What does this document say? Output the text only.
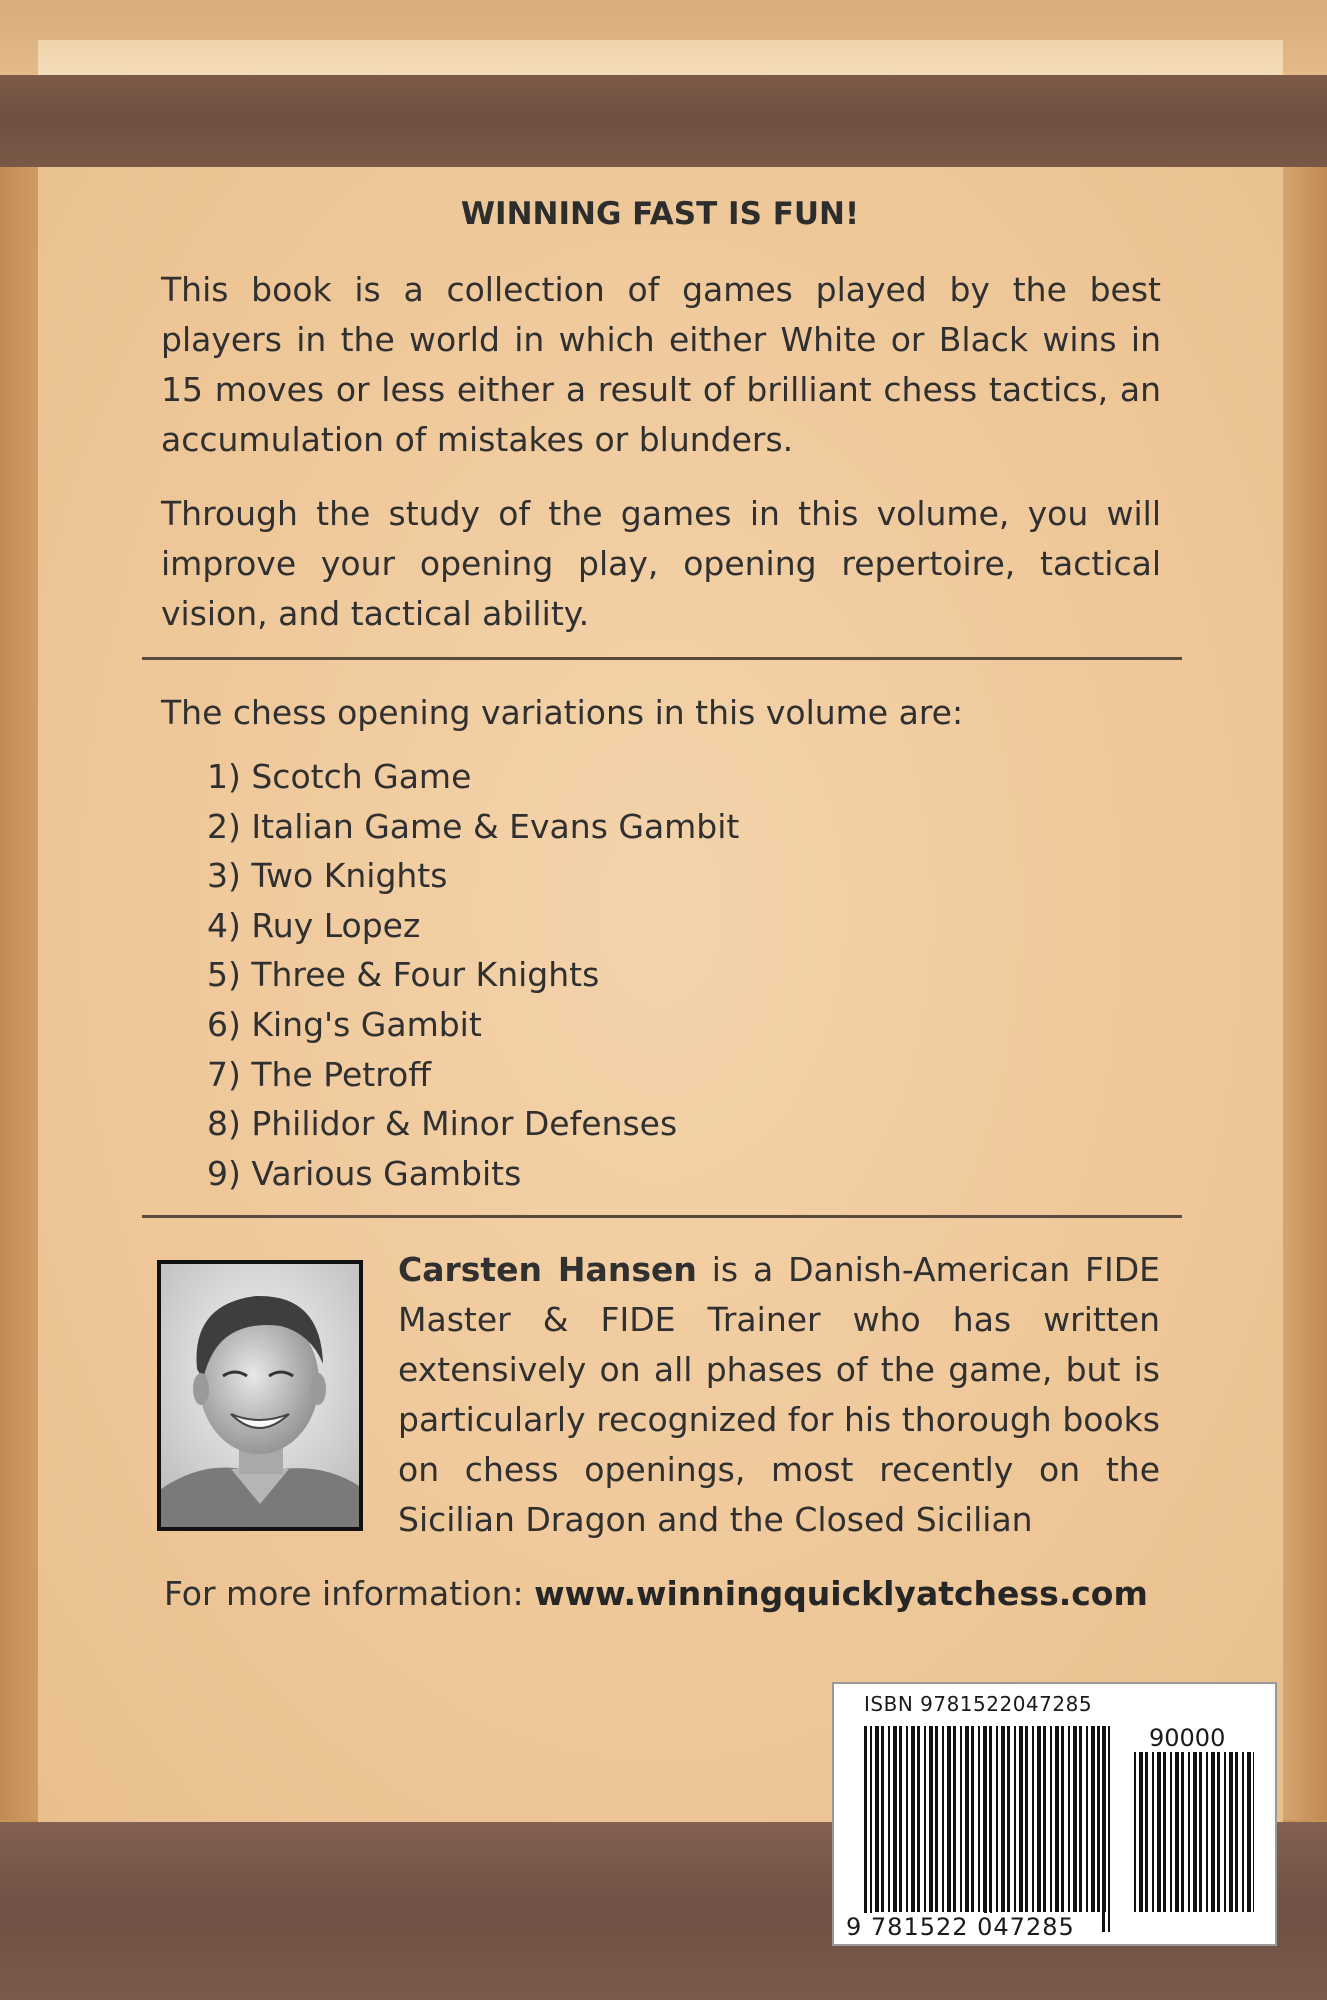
WINNING FAST IS FUN!
This book is a collection of games played by the best players in the world in which either White or Black wins in 15 moves or less either a result of brilliant chess tactics, an accumulation of mistakes or blunders.
Through the study of the games in this volume, you will improve your opening play, opening repertoire, tactical vision, and tactical ability.
The chess opening variations in this volume are:
1) Scotch Game
2) Italian Game & Evans Gambit
3) Two Knights
4) Ruy Lopez
5) Three & Four Knights
6) King's Gambit
7) The Petroff
8) Philidor & Minor Defenses
9) Various Gambits
Carsten Hansen is a Danish-American FIDE Master & FIDE Trainer who has written extensively on all phases of the game, but is particularly recognized for his thorough books on chess openings, most recently on the Sicilian Dragon and the Closed Sicilian
For more information: www.winningquicklyatchess.com
ISBN 9781522047285
90000
9 781522 047285
